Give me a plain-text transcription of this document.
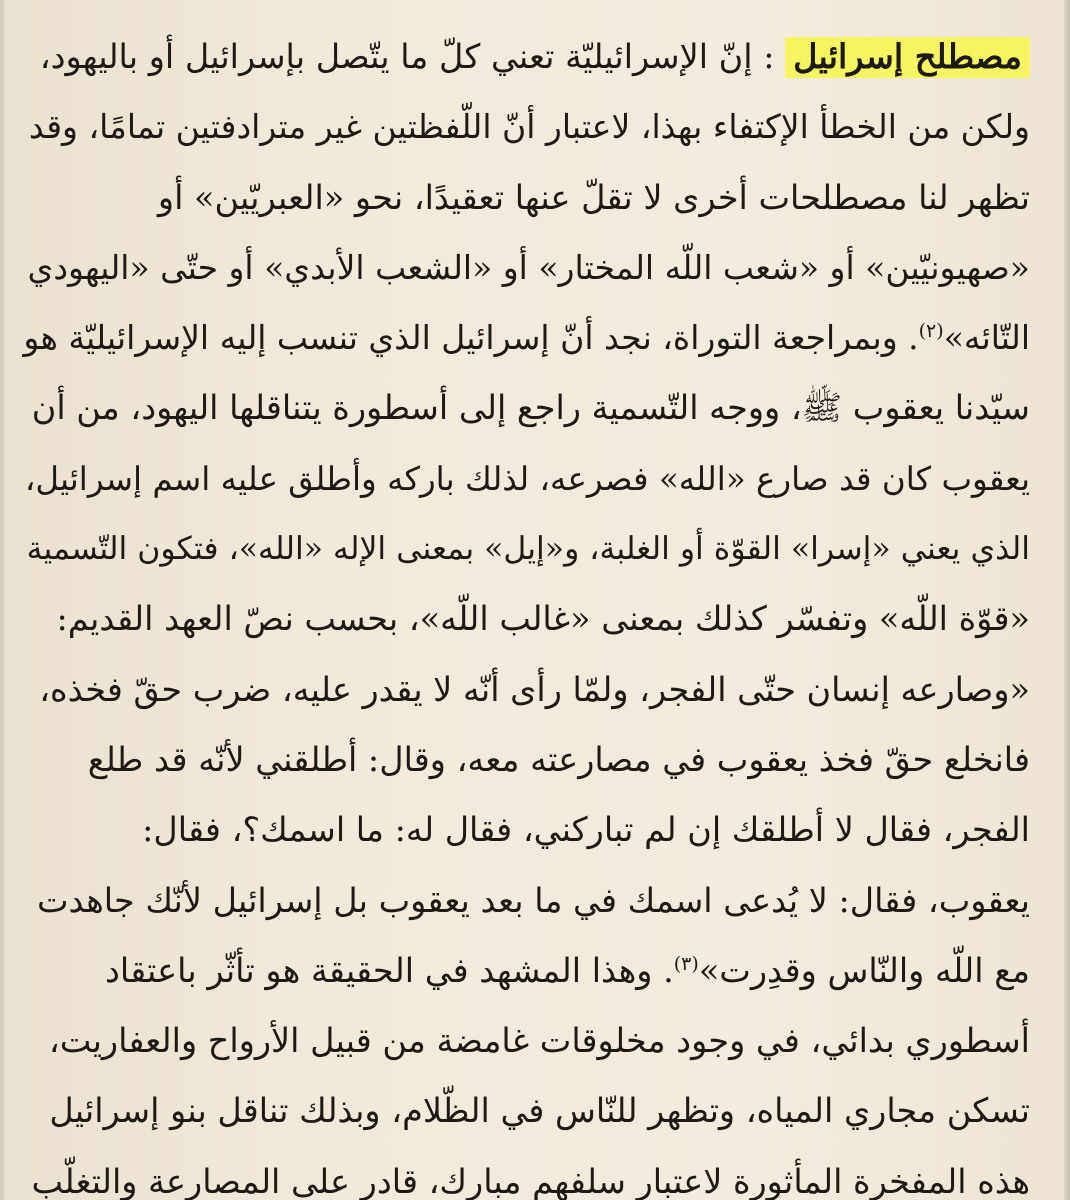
مصطلح إسرائيل : إنّ الإسرائيليّة تعني كلّ ما يتّصل بإسرائيل أو باليهود،
ولكن من الخطأ الإكتفاء بهذا، لاعتبار أنّ اللّفظتين غير مترادفتين تمامًا، وقد
تظهر لنا مصطلحات أخرى لا تقلّ عنها تعقيدًا، نحو «العبريّين» أو
«صهيونيّين» أو «شعب اللّه المختار» أو «الشعب الأبدي» أو حتّى «اليهودي
التّائه»$^{(٢)}$. وبمراجعة التوراة، نجد أنّ إسرائيل الذي تنسب إليه الإسرائيليّة هو
سيّدنا يعقوب ﷺ، ووجه التّسمية راجع إلى أسطورة يتناقلها اليهود، من أن
يعقوب كان قد صارع «الله» فصرعه، لذلك باركه وأطلق عليه اسم إسرائيل،
الذي يعني «إسرا» القوّة أو الغلبة، و«إيل» بمعنى الإله «الله»، فتكون التّسمية
«قوّة اللّه» وتفسّر كذلك بمعنى «غالب اللّه»، بحسب نصّ العهد القديم:
«وصارعه إنسان حتّى الفجر، ولمّا رأى أنّه لا يقدر عليه، ضرب حقّ فخذه،
فانخلع حقّ فخذ يعقوب في مصارعته معه، وقال: أطلقني لأنّه قد طلع
الفجر، فقال لا أطلقك إن لم تباركني، فقال له: ما اسمك؟، فقال:
يعقوب، فقال: لا يُدعى اسمك في ما بعد يعقوب بل إسرائيل لأنّك جاهدت
مع اللّه والنّاس وقدِرت»$^{(٣)}$. وهذا المشهد في الحقيقة هو تأثّر باعتقاد
أسطوري بدائي، في وجود مخلوقات غامضة من قبيل الأرواح والعفاريت،
تسكن مجاري المياه، وتظهر للنّاس في الظّلام، وبذلك تناقل بنو إسرائيل
هذه المفخرة المأثورة لاعتبار سلفهم مبارك، قادر على المصارعة والتغلّب
